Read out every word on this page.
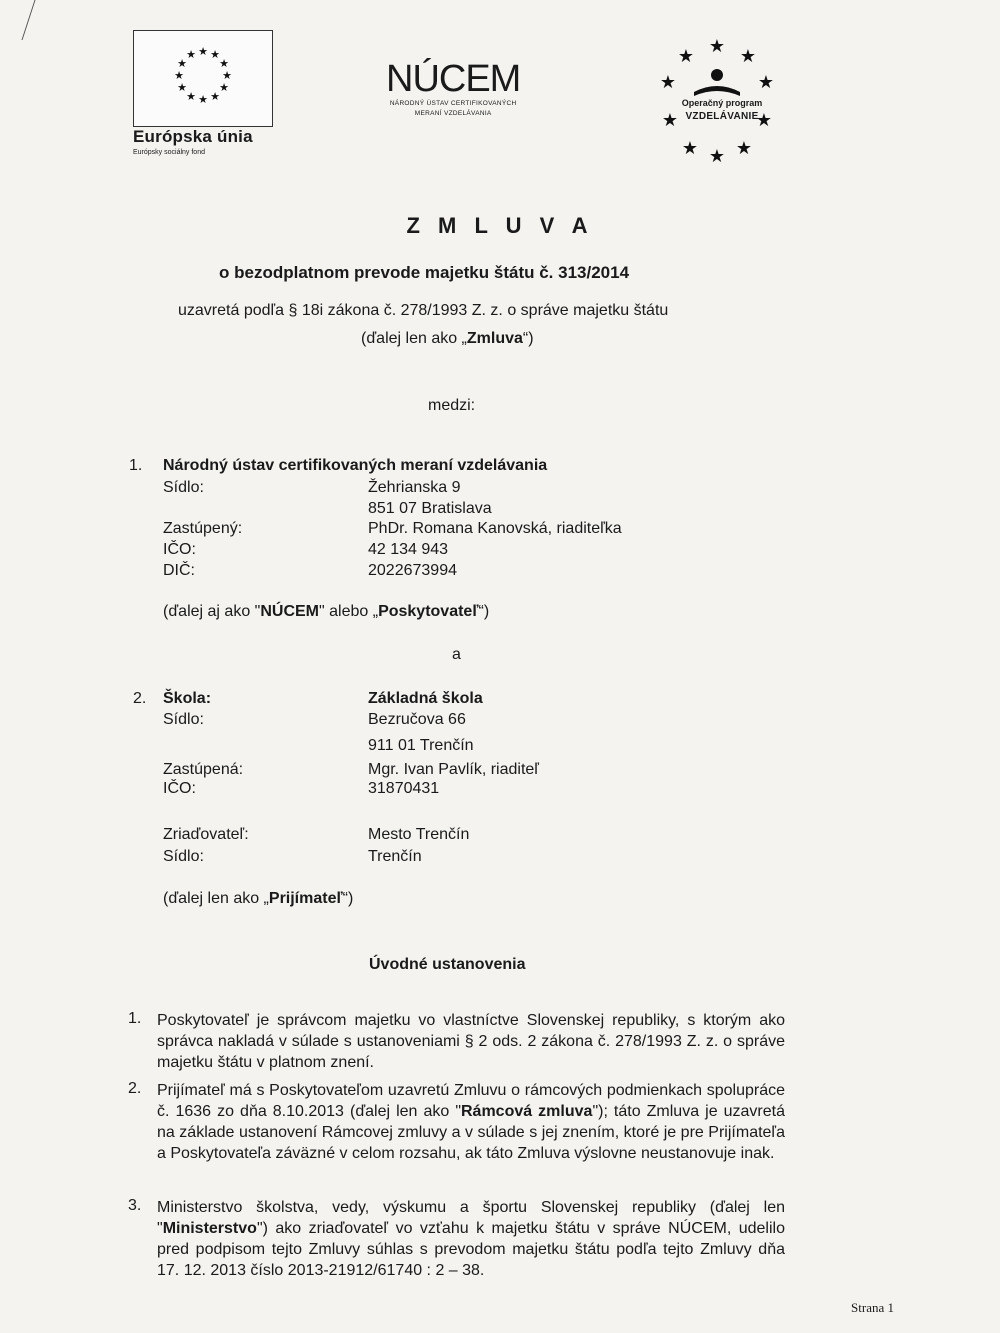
★ ★
★
★
★
★
★
★
★
★
★
★
Európska únia
Európsky sociálny fond
NÚCEM
NÁRODNÝ ÚSTAV CERTIFIKOVANÝCH
MERANÍ VZDELÁVANIA
★ ★
★
★
★
★
★
★
★
★
Operačný program
VZDELÁVANIE
Z M L U V A
o bezodplatnom prevode majetku štátu č. 313/2014
uzavretá podľa § 18i zákona č. 278/1993 Z. z. o správe majetku štátu
(ďalej len ako „Zmluva“)
medzi:
1. Národný ústav certifikovaných meraní vzdelávania
Sídlo:	Žehrianska 9
851 07 Bratislava
Zastúpený:	PhDr. Romana Kanovská, riaditeľka
IČO:	42 134 943
DIČ:	2022673994
(ďalej aj ako "NÚCEM" alebo „Poskytovateľ“)
a
2. Škola:	Základná škola
Sídlo:	Bezručova 66
911 01 Trenčín
Zastúpená:	Mgr. Ivan Pavlík, riaditeľ
IČO:	31870431
Zriaďovateľ:	Mesto Trenčín
Sídlo:	Trenčín
(ďalej len ako „Prijímateľ“)
Úvodné ustanovenia
1. Poskytovateľ je správcom majetku vo vlastníctve Slovenskej republiky, s ktorým ako správca nakladá v súlade s ustanoveniami § 2 ods. 2 zákona č. 278/1993 Z. z. o správe majetku štátu v platnom znení.
2. Prijímateľ má s Poskytovateľom uzavretú Zmluvu o rámcových podmienkach spolupráce č. 1636 zo dňa 8.10.2013 (ďalej len ako "Rámcová zmluva"); táto Zmluva je uzavretá na základe ustanovení Rámcovej zmluvy a v súlade s jej znením, ktoré je pre Prijímateľa a Poskytovateľa záväzné v celom rozsahu, ak táto Zmluva výslovne neustanovuje inak.
3. Ministerstvo školstva, vedy, výskumu a športu Slovenskej republiky (ďalej len "Ministerstvo") ako zriaďovateľ vo vzťahu k majetku štátu v správe NÚCEM, udelilo pred podpisom tejto Zmluvy súhlas s prevodom majetku štátu podľa tejto Zmluvy dňa 17. 12. 2013 číslo 2013-21912/61740 : 2 – 38.
Strana 1
